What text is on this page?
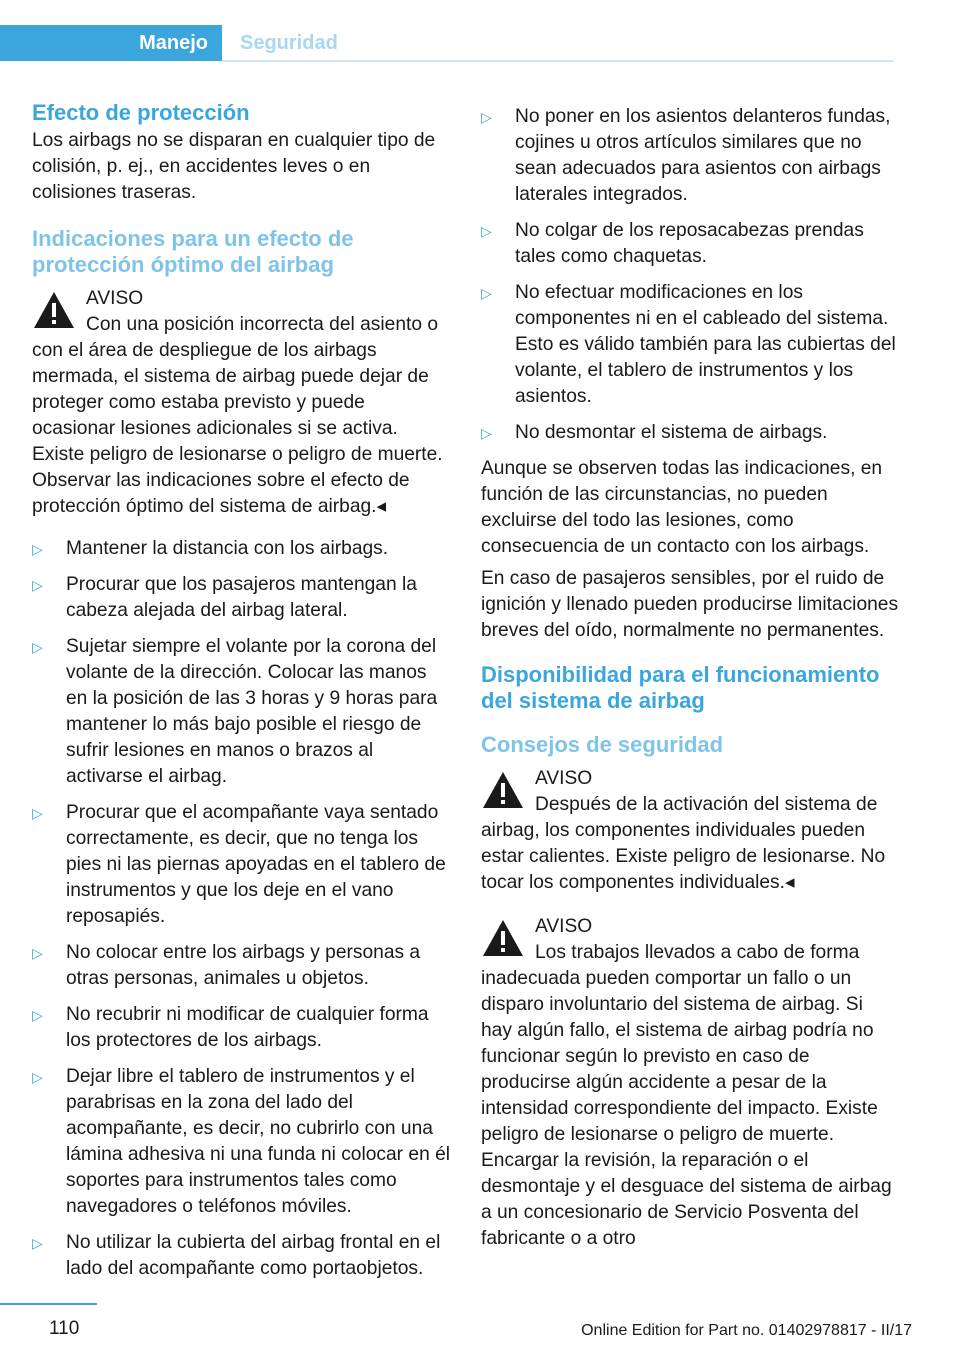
Manejo	Seguridad
Efecto de protección

Los airbags no se disparan en cualquier tipo de colisión, p. ej., en accidentes leves o en colisiones traseras.

Indicaciones para un efecto de protección óptimo del airbag
AVISO
Con una posición incorrecta del asiento o con el área de despliegue de los airbags mermada, el sistema de airbag puede dejar de proteger como estaba previsto y puede ocasionar lesiones adicionales si se activa. Existe peligro de lesionarse o peligro de muerte. Observar las indicaciones sobre el efecto de protección óptimo del sistema de airbag.◂
▷ Mantener la distancia con los airbags.
▷ Procurar que los pasajeros mantengan la cabeza alejada del airbag lateral.
▷ Sujetar siempre el volante por la corona del volante de la dirección. Colocar las manos en la posición de las 3 horas y 9 horas para mantener lo más bajo posible el riesgo de sufrir lesiones en manos o brazos al activarse el airbag.
▷ Procurar que el acompañante vaya sentado correctamente, es decir, que no tenga los pies ni las piernas apoyadas en el tablero de instrumentos y que los deje en el vano reposapiés.
▷ No colocar entre los airbags y personas a otras personas, animales u objetos.
▷ No recubrir ni modificar de cualquier forma los protectores de los airbags.
▷ Dejar libre el tablero de instrumentos y el parabrisas en la zona del lado del acompañante, es decir, no cubrirlo con una lámina adhesiva ni una funda ni colocar en él soportes para instrumentos tales como navegadores o teléfonos móviles.
▷ No utilizar la cubierta del airbag frontal en el lado del acompañante como portaobjetos.
▷ No poner en los asientos delanteros fundas, cojines u otros artículos similares que no sean adecuados para asientos con airbags laterales integrados.
▷ No colgar de los reposacabezas prendas tales como chaquetas.
▷ No efectuar modificaciones en los componentes ni en el cableado del sistema. Esto es válido también para las cubiertas del volante, el tablero de instrumentos y los asientos.
▷ No desmontar el sistema de airbags.

Aunque se observen todas las indicaciones, en función de las circunstancias, no pueden excluirse del todo las lesiones, como consecuencia de un contacto con los airbags.

En caso de pasajeros sensibles, por el ruido de ignición y llenado pueden producirse limitaciones breves del oído, normalmente no permanentes.

Disponibilidad para el funcionamiento del sistema de airbag
Consejos de seguridad
AVISO
Después de la activación del sistema de airbag, los componentes individuales pueden estar calientes. Existe peligro de lesionarse. No tocar los componentes individuales.◂
AVISO
Los trabajos llevados a cabo de forma inadecuada pueden comportar un fallo o un disparo involuntario del sistema de airbag. Si hay algún fallo, el sistema de airbag podría no funcionar según lo previsto en caso de producirse algún accidente a pesar de la intensidad correspondiente del impacto. Existe peligro de lesionarse o peligro de muerte. Encargar la revisión, la reparación o el desmontaje y el desguace del sistema de airbag a un concesionario de Servicio Posventa del fabricante o a otro
110	Online Edition for Part no. 01402978817 - II/17
